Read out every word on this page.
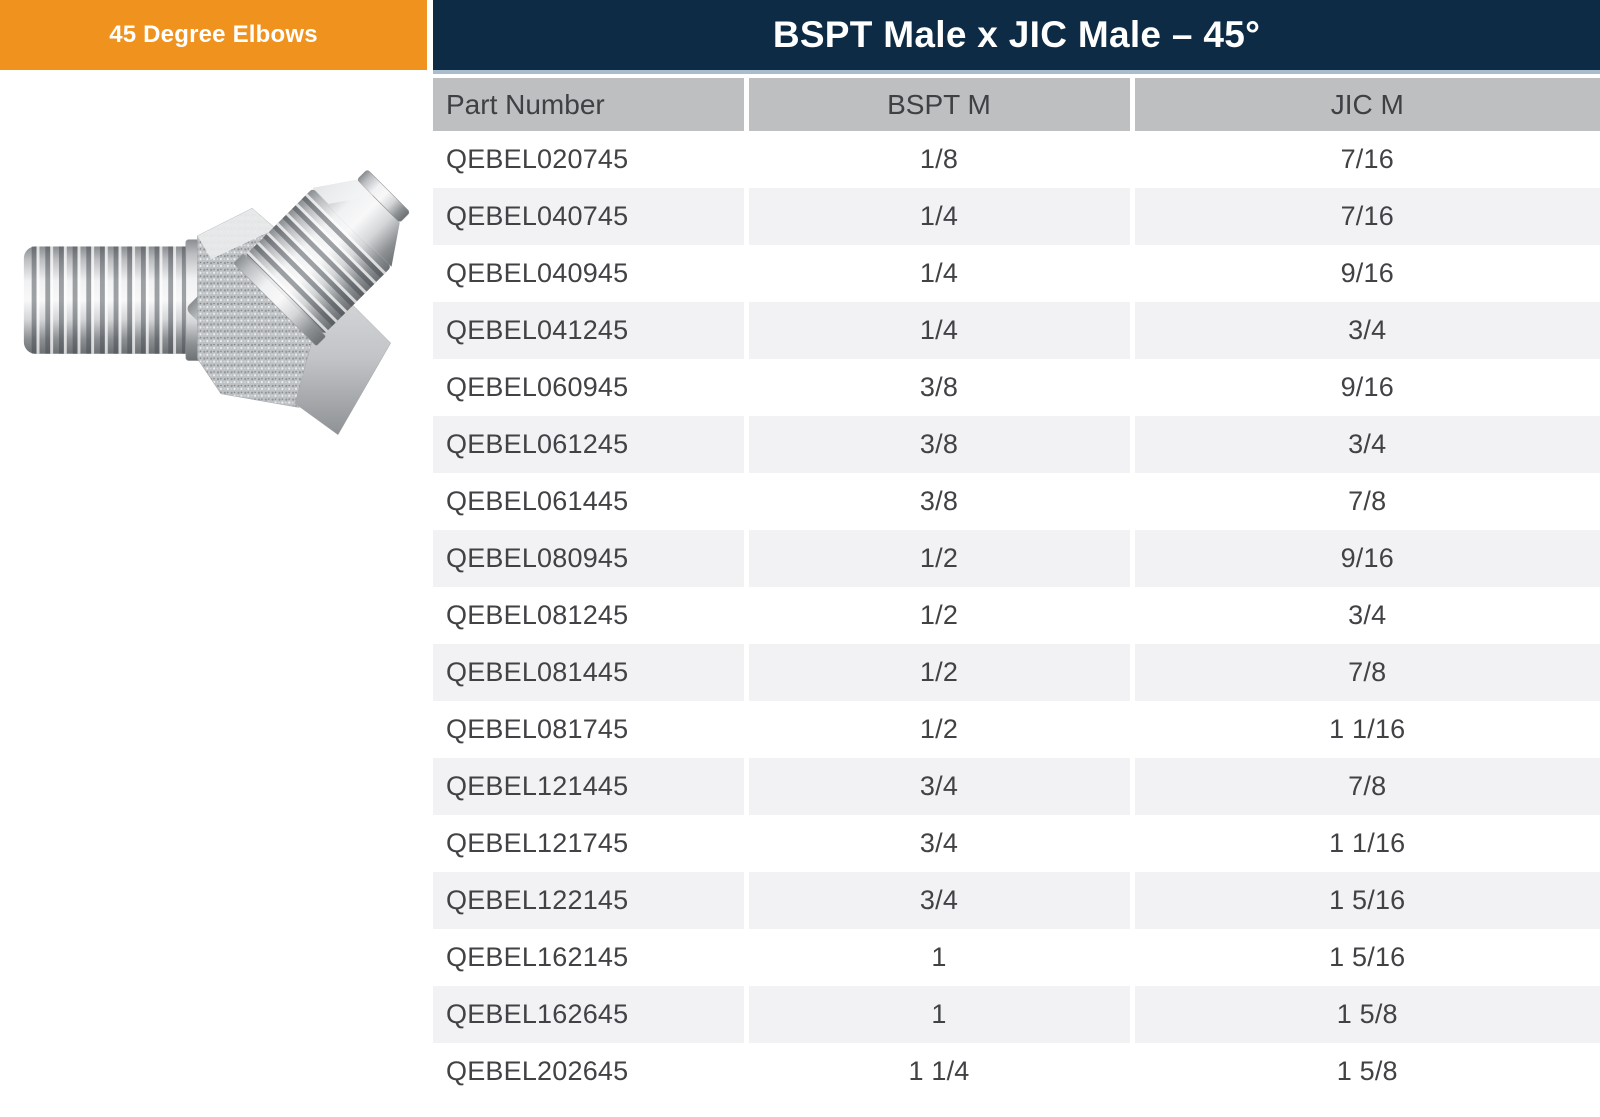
45 Degree Elbows	BSPT Male x JIC Male – 45°
Part Number	BSPT M	JIC M
QEBEL020745	1/8	7/16
QEBEL040745	1/4	7/16
QEBEL040945	1/4	9/16
QEBEL041245	1/4	3/4
QEBEL060945	3/8	9/16
QEBEL061245	3/8	3/4
QEBEL061445	3/8	7/8
QEBEL080945	1/2	9/16
QEBEL081245	1/2	3/4
QEBEL081445	1/2	7/8
QEBEL081745	1/2	1 1/16
QEBEL121445	3/4	7/8
QEBEL121745	3/4	1 1/16
QEBEL122145	3/4	1 5/16
QEBEL162145	1	1 5/16
QEBEL162645	1	1 5/8
QEBEL202645	1 1/4	1 5/8
